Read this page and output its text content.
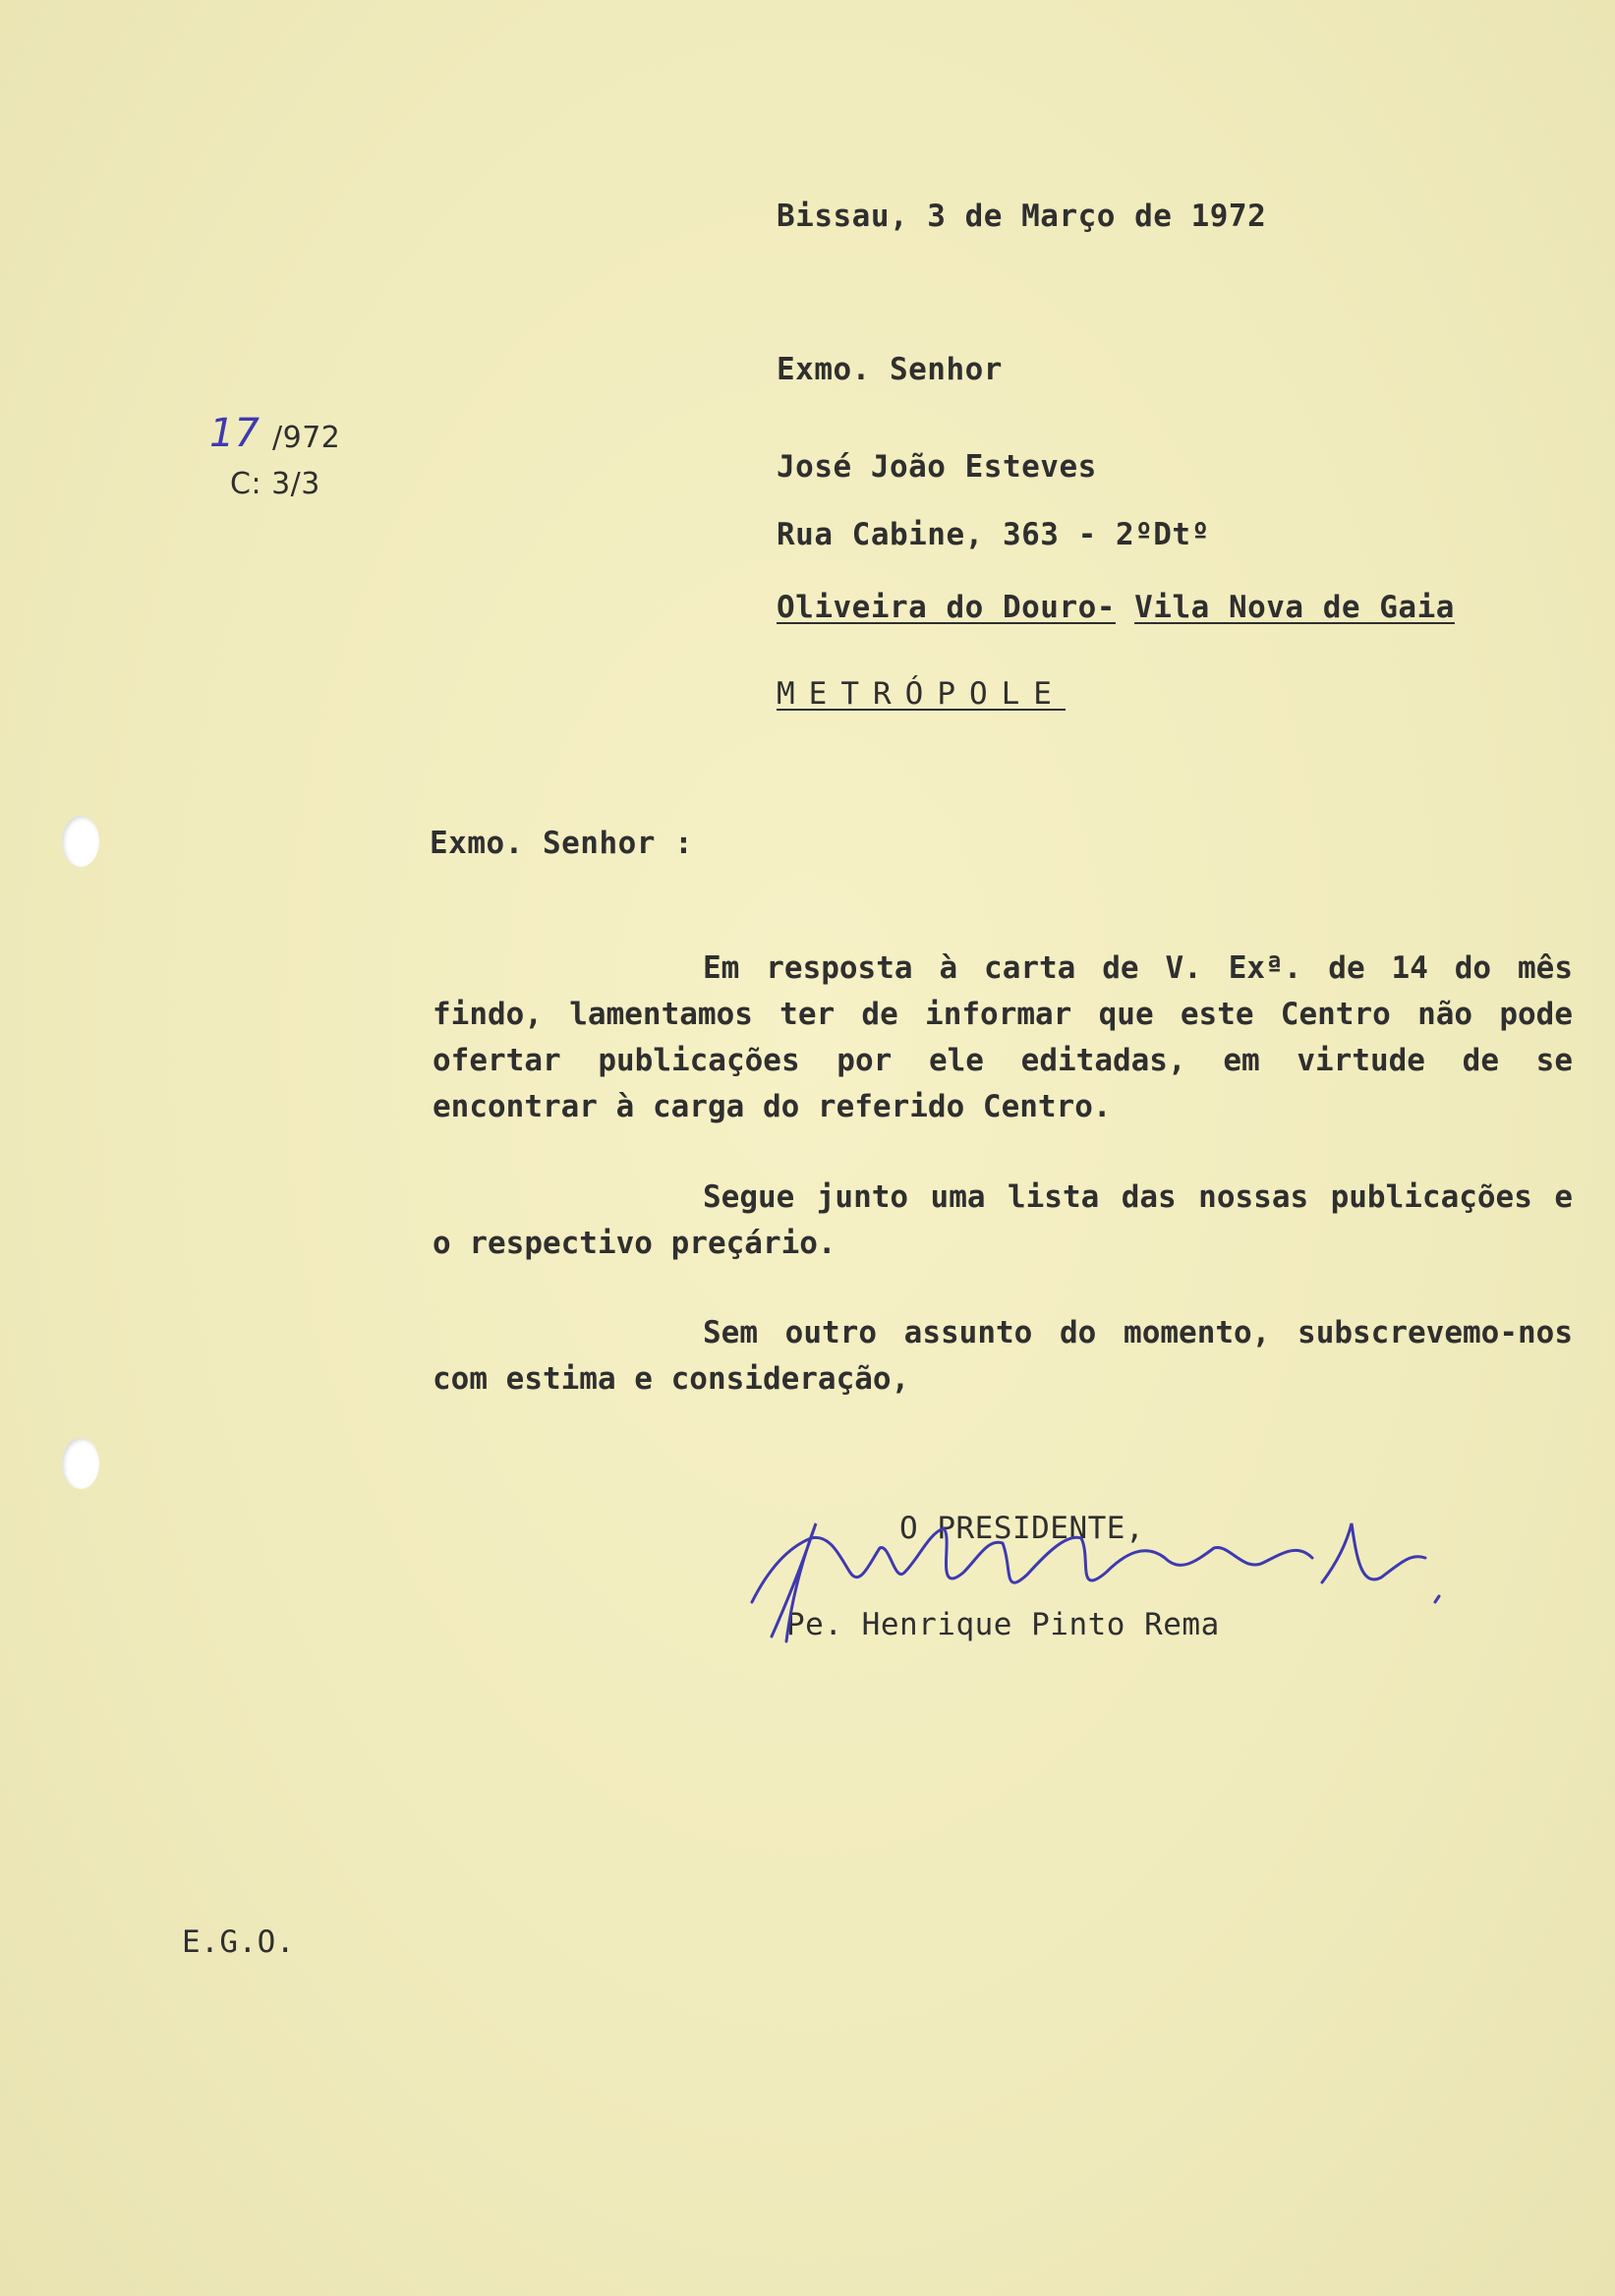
Bissau, 3 de Março de 1972
Exmo. Senhor
17 /972
C: 3/3	José João Esteves
Rua Cabine, 363 - 2ºDtº
Oliveira do Douro- Vila Nova de Gaia
METRÓPOLE
Exmo. Senhor :
Em resposta à carta de V. Exª. de 14 do mês findo, lamentamos ter de informar que este Centro não pode ofertar publicações por ele editadas, em virtude de se encontrar à carga do referido Centro.
Segue junto uma lista das nossas publicações e o respectivo preçário.
Sem outro assunto do momento, subscrevemo-nos com estima e consideração,
O PRESIDENTE,
Pe. Henrique Pinto Rema
E.G.O.
